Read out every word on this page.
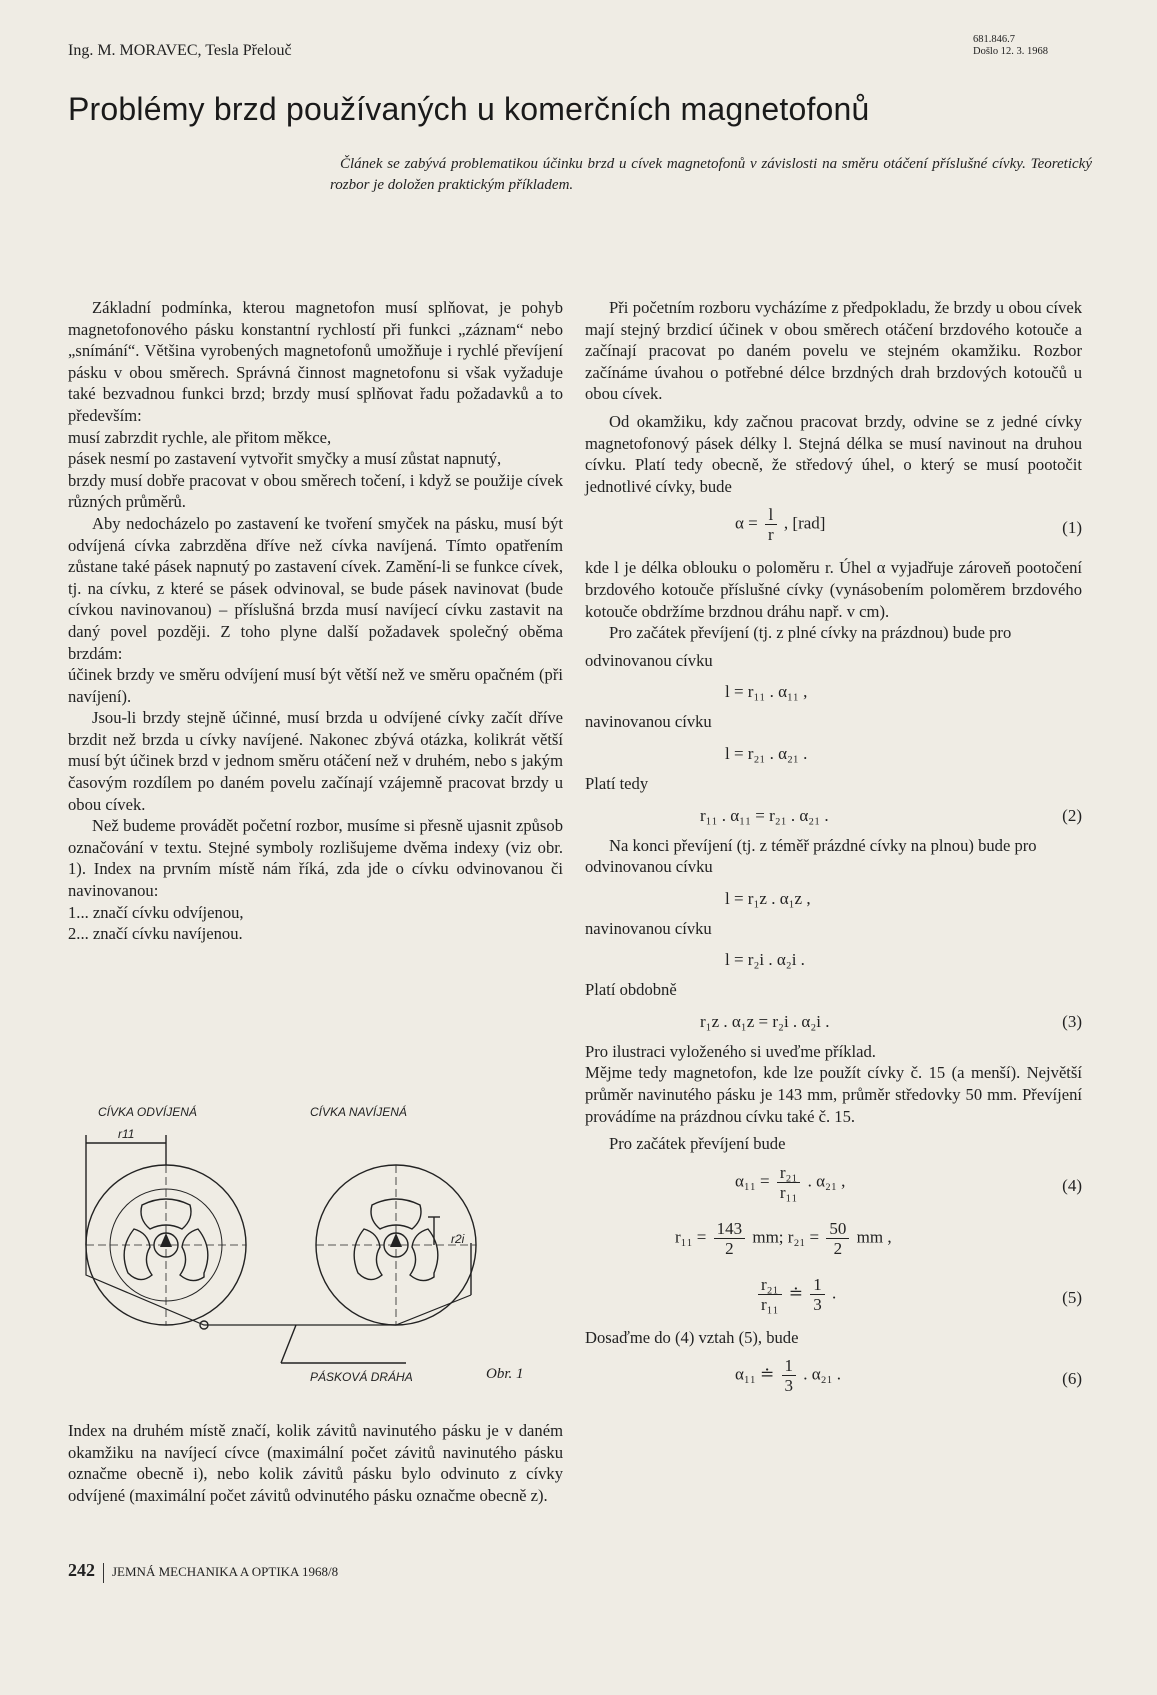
Ing. M. MORAVEC, Tesla Přelouč
681.846.7
Došlo 12. 3. 1968
Problémy brzd používaných u komerčních magnetofonů

Článek se zabývá problematikou účinku brzd u cívek magnetofonů v závislosti na směru otáčení příslušné cívky. Teoretický rozbor je doložen praktickým příkladem.

Základní podmínka, kterou magnetofon musí splňovat, je pohyb magnetofonového pásku konstantní rychlostí při funkci „záznam“ nebo „snímání“. Většina vyrobených magnetofonů umožňuje i rychlé převíjení pásku v obou směrech. Správná činnost magnetofonu si však vyžaduje také bezvadnou funkci brzd; brzdy musí splňovat řadu požadavků a to především:

musí zabrzdit rychle, ale přitom měkce,

pásek nesmí po zastavení vytvořit smyčky a musí zůstat napnutý,

brzdy musí dobře pracovat v obou směrech točení, i když se použije cívek různých průměrů.

Aby nedocházelo po zastavení ke tvoření smyček na pásku, musí být odvíjená cívka zabrzděna dříve než cívka navíjená. Tímto opatřením zůstane také pásek napnutý po zastavení cívek. Zamění-li se funkce cívek, tj. na cívku, z které se pásek odvinoval, se bude pásek navinovat (bude cívkou navinovanou) – příslušná brzda musí navíjecí cívku zastavit na daný povel později. Z toho plyne další požadavek společný oběma brzdám:

účinek brzdy ve směru odvíjení musí být větší než ve směru opačném (při navíjení).

Jsou-li brzdy stejně účinné, musí brzda u odvíjené cívky začít dříve brzdit než brzda u cívky navíjené. Nakonec zbývá otázka, kolikrát větší musí být účinek brzd v jednom směru otáčení než v druhém, nebo s jakým časovým rozdílem po daném povelu začínají vzájemně pracovat brzdy u obou cívek.

Než budeme provádět početní rozbor, musíme si přesně ujasnit způsob označování v textu. Stejné symboly rozlišujeme dvěma indexy (viz obr. 1). Index na prvním místě nám říká, zda jde o cívku odvinovanou či navinovanou:

1... značí cívku odvíjenou,

2... značí cívku navíjenou.

CÍVKA ODVÍJENÁ	CÍVKA NAVÍJENÁ
r11
r2i
PÁSKOVÁ DRÁHA	Obr. 1

Index na druhém místě značí, kolik závitů navinutého pásku je v daném okamžiku na navíjecí cívce (maximální počet závitů navinutého pásku označme obecně i), nebo kolik závitů pásku bylo odvinuto z cívky odvíjené (maximální počet závitů odvinutého pásku označme obecně z).

Při početním rozboru vycházíme z předpokladu, že brzdy u obou cívek mají stejný brzdicí účinek v obou směrech otáčení brzdového kotouče a začínají pracovat po daném povelu ve stejném okamžiku. Rozbor začínáme úvahou o potřebné délce brzdných drah brzdových kotoučů u obou cívek.

Od okamžiku, kdy začnou pracovat brzdy, odvine se z jedné cívky magnetofonový pásek délky l. Stejná délka se musí navinout na druhou cívku. Platí tedy obecně, že středový úhel, o který se musí pootočit jednotlivé cívky, bude

$\alpha = \frac{l}{r}$ , [rad]	(1)

kde l je délka oblouku o poloměru r. Úhel α vyjadřuje zároveň pootočení brzdového kotouče příslušné cívky (vynásobením poloměrem brzdového kotouče obdržíme brzdnou dráhu např. v cm).

Pro začátek převíjení (tj. z plné cívky na prázdnou) bude pro

odvinovanou cívku

l = r₁₁ . α₁₁ ,

navinovanou cívku

l = r₂₁ . α₂₁ .

Platí tedy

r₁₁ . α₁₁ = r₂₁ . α₂₁ .	(2)

Na konci převíjení (tj. z téměř prázdné cívky na plnou) bude pro

odvinovanou cívku

l = r₁z . α₁z ,

navinovanou cívku

l = r₂i . α₂i .

Platí obdobně

r₁z . α₁z = r₂i . α₂i .	(3)

Pro ilustraci vyloženého si uveďme příklad.

Mějme tedy magnetofon, kde lze použít cívky č. 15 (a menší). Největší průměr navinutého pásku je 143 mm, průměr středovky 50 mm. Převíjení provádíme na prázdnou cívku také č. 15.

Pro začátek převíjení bude

$\alpha_{11} = \frac{\text{r₂₁}}{\text{r₁₁}}$ . α₂₁ ,	(4)
$r_{11} = \frac{143}{2}$ mm; $r_{21} = \frac{50}{2}$ mm ,
$\frac{\text{r₂₁}}{\text{r₁₁}}$ ≐ $\frac{1}{3}$ .	(5)

Dosaďme do (4) vztah (5), bude

α₁₁ ≐ $\frac{1}{3}$ . α₂₁ .	(6)
242 JEMNÁ MECHANIKA A OPTIKA 1968/8
